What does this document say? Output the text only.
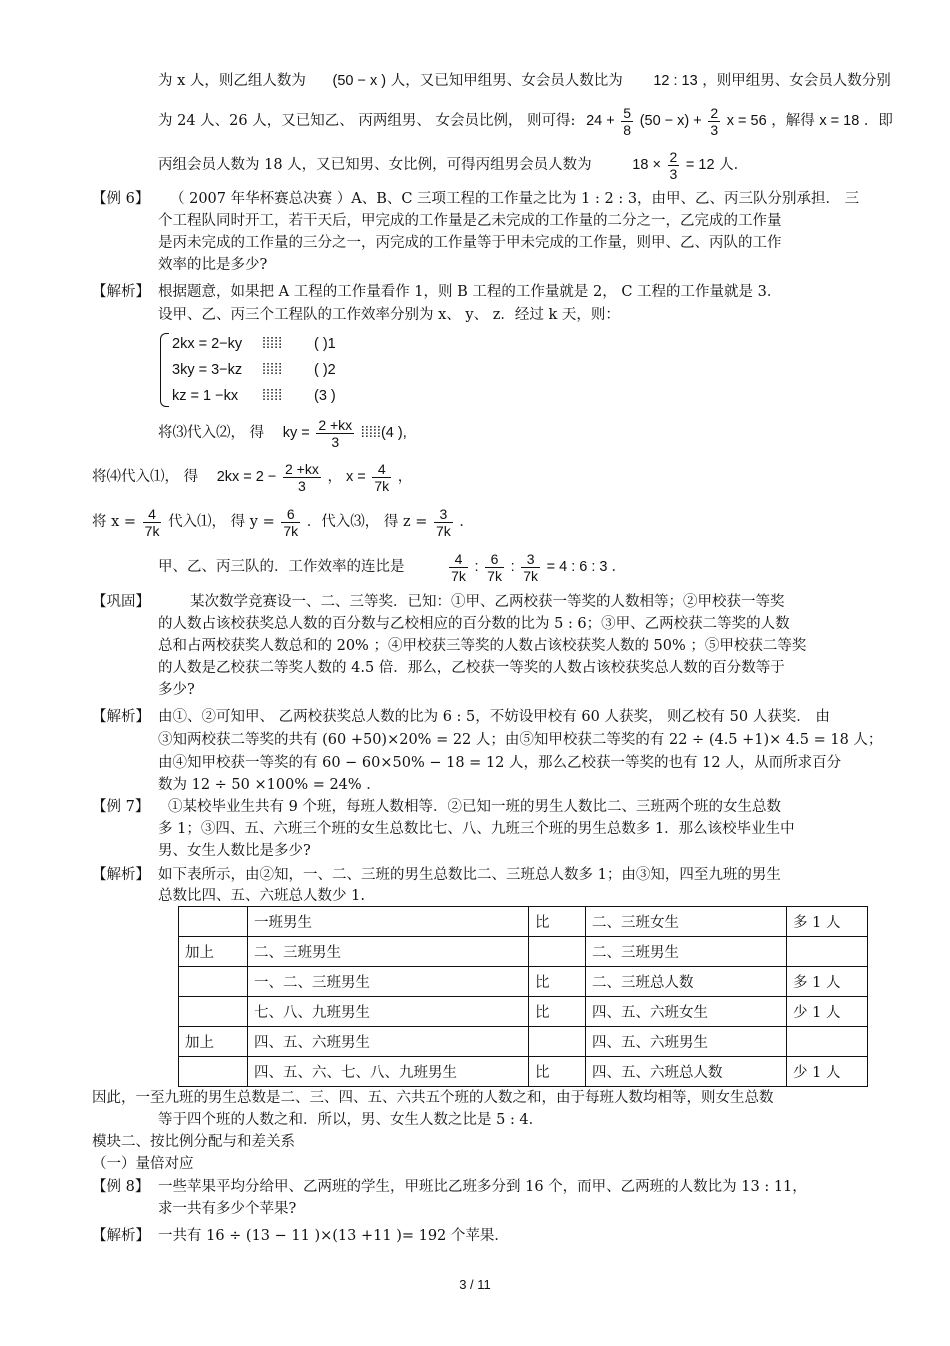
为 x 人，则乙组人数为 (50 − x ) 人，又已知甲组男、女会员人数比为 12 : 13 ，则甲组男、女会员人数分别
为 24 人、26 人，又已知乙、 丙两组男、 女会员比例， 则可得: $24 + \frac{5}{8} (50 - x) + \frac{2}{3}$ x = 56 ，解得 x = 18 ．即
丙组会员人数为 18 人，又已知男、女比例，可得丙组男会员人数为	$18 \times \frac{2}{3} = 12$ 人．
【例 6】 （ 2007 年华杯赛总决赛 ）A、B、C 三项工程的工作量之比为 1 : 2 : 3，由甲、乙、丙三队分别承担． 三
个工程队同时开工，若干天后，甲完成的工作量是乙未完成的工作量的二分之一，乙完成的工作量
是丙未完成的工作量的三分之一，丙完成的工作量等于甲未完成的工作量，则甲、乙、丙队的工作
效率的比是多少?
【解析】 根据题意，如果把 A 工程的工作量看作 1，则 B 工程的工作量就是 2， C 工程的工作量就是 3．
设甲、乙、丙三个工程队的工作效率分别为 x、 y、 z．经过 k 天，则：
2kx = 2−ky ⁞⁞⁞⁞⁞ ( )1
3ky = 3−kz ⁞⁞⁞⁞⁞ ( )2
kz = 1 −kx ⁞⁞⁞⁞⁞ (3 )
将⑶代入⑵， 得 ky = $\frac{2 +kx}{3}$ ⁞⁞⁞⁞⁞(4 ),
将⑷代入⑴， 得 $2kx = 2 - \frac{2 +kx}{3}$ ， $x = \frac{4}{7k}$ ，
将 $x = \frac{4}{7k}$ 代入⑴， 得 $y = \frac{6}{7k}$ ．代入⑶， 得 $z = \frac{3}{7k}$ ．
甲、乙、丙三队的．工作效率的连比是	$\frac{4}{7k}$ : $\frac{6}{7k}$ : $\frac{3}{7k} = 4$ : 6 : 3 ．
【巩固】	某次数学竞赛设一、二、三等奖．已知：①甲、乙两校获一等奖的人数相等；②甲校获一等奖
的人数占该校获奖总人数的百分数与乙校相应的百分数的比为 5 : 6；③甲、乙两校获二等奖的人数
总和占两校获奖人数总和的 20% ；④甲校获三等奖的人数占该校获奖人数的 50% ；⑤甲校获二等奖
的人数是乙校获二等奖人数的 4.5 倍．那么，乙校获一等奖的人数占该校获奖总人数的百分数等于
多少?
【解析】 由①、②可知甲、 乙两校获奖总人数的比为 6 : 5，不妨设甲校有 60 人获奖， 则乙校有 50 人获奖． 由
③知两校获二等奖的共有 (60 +50)×20% = 22 人；由⑤知甲校获二等奖的有 22 ÷ (4.5 +1)× 4.5 = 18 人；
由④知甲校获一等奖的有 60 − 60×50% − 18 = 12 人，那么乙校获一等奖的也有 12 人，从而所求百分
数为 12 ÷ 50 ×100% = 24% ．
【例 7】 ①某校毕业生共有 9 个班，每班人数相等．②已知一班的男生人数比二、三班两个班的女生总数
多 1；③四、五、六班三个班的女生总数比七、八、九班三个班的男生总数多 1．那么该校毕业生中
男、女生人数比是多少?
【解析】 如下表所示，由②知，一、二、三班的男生总数比二、三班总人数多 1；由③知，四至九班的男生
总数比四、五、六班总人数少 1.
	一班男生	比	二、三班女生	多 1 人
加上	二、三班男生		二、三班男生	
	一、二、三班男生	比	二、三班总人数	多 1 人
	七、八、九班男生	比	四、五、六班女生	少 1 人
加上	四、五、六班男生		四、五、六班男生	
	四、五、六、七、八、九班男生	比	四、五、六班总人数	少 1 人
因此，一至九班的男生总数是二、三、四、五、六共五个班的人数之和，由于每班人数均相等，则女生总数
等于四个班的人数之和．所以，男、女生人数之比是 5 : 4．
模块二、按比例分配与和差关系
（一）量倍对应
【例 8】 一些苹果平均分给甲、乙两班的学生，甲班比乙班多分到 16 个，而甲、乙两班的人数比为 13 : 11，
求一共有多少个苹果?
【解析】 一共有 16 ÷ (13 − 11 )×(13 +11 )= 192 个苹果．
3 / 11
